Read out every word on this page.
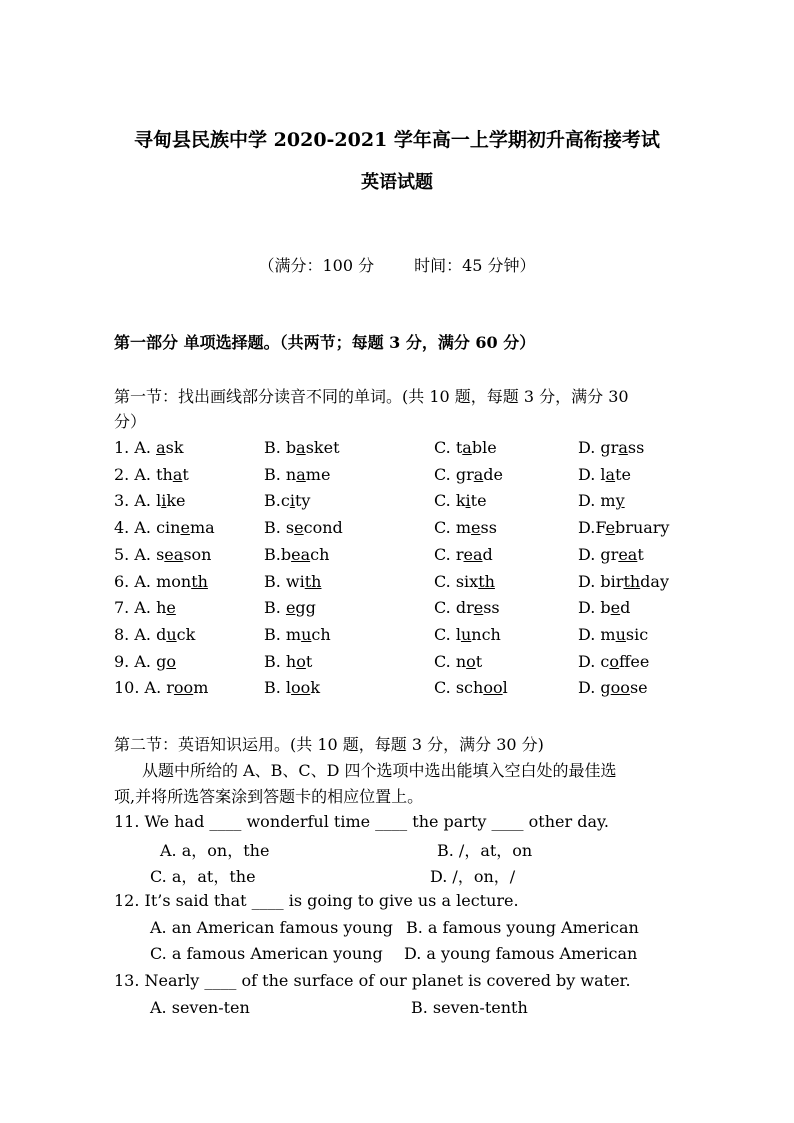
寻甸县民族中学 2020-2021 学年高一上学期初升高衔接考试
英语试题
（满分：100 分	时间：45 分钟）
第一部分 单项选择题。（共两节；每题 3 分，满分 60 分）
第一节：找出画线部分读音不同的单词。(共 10 题，每题 3 分，满分 30
分）
1. A. ask	B. basket	C. table	D. grass
2. A. that	B. name	C. grade	D. late
3. A. like	B.city	C. kite	D. my
4. A. cinema	B. second	C. mess	D.February
5. A. season	B.beach	C. read	D. great
6. A. month	B. with	C. sixth	D. birthday
7. A. he	B. egg	C. dress	D. bed
8. A. duck	B. much	C. lunch	D. music
9. A. go	B. hot	C. not	D. coffee
10. A. room	B. look	C. school	D. goose
第二节：英语知识运用。(共 10 题，每题 3 分，满分 30 分)
从题中所给的 A、B、C、D 四个选项中选出能填入空白处的最佳选
项,并将所选答案涂到答题卡的相应位置上。
11. We had ____ wonderful time ____ the party ____ other day.
A. a，on，the	B. /，at，on
C. a，at，the	D. /，on，/
12. It’s said that ____ is going to give us a lecture.
A. an American famous young B. a famous young American
C. a famous American young D. a young famous American
13. Nearly ____ of the surface of our planet is covered by water.
A. seven-ten	B. seven-tenth
